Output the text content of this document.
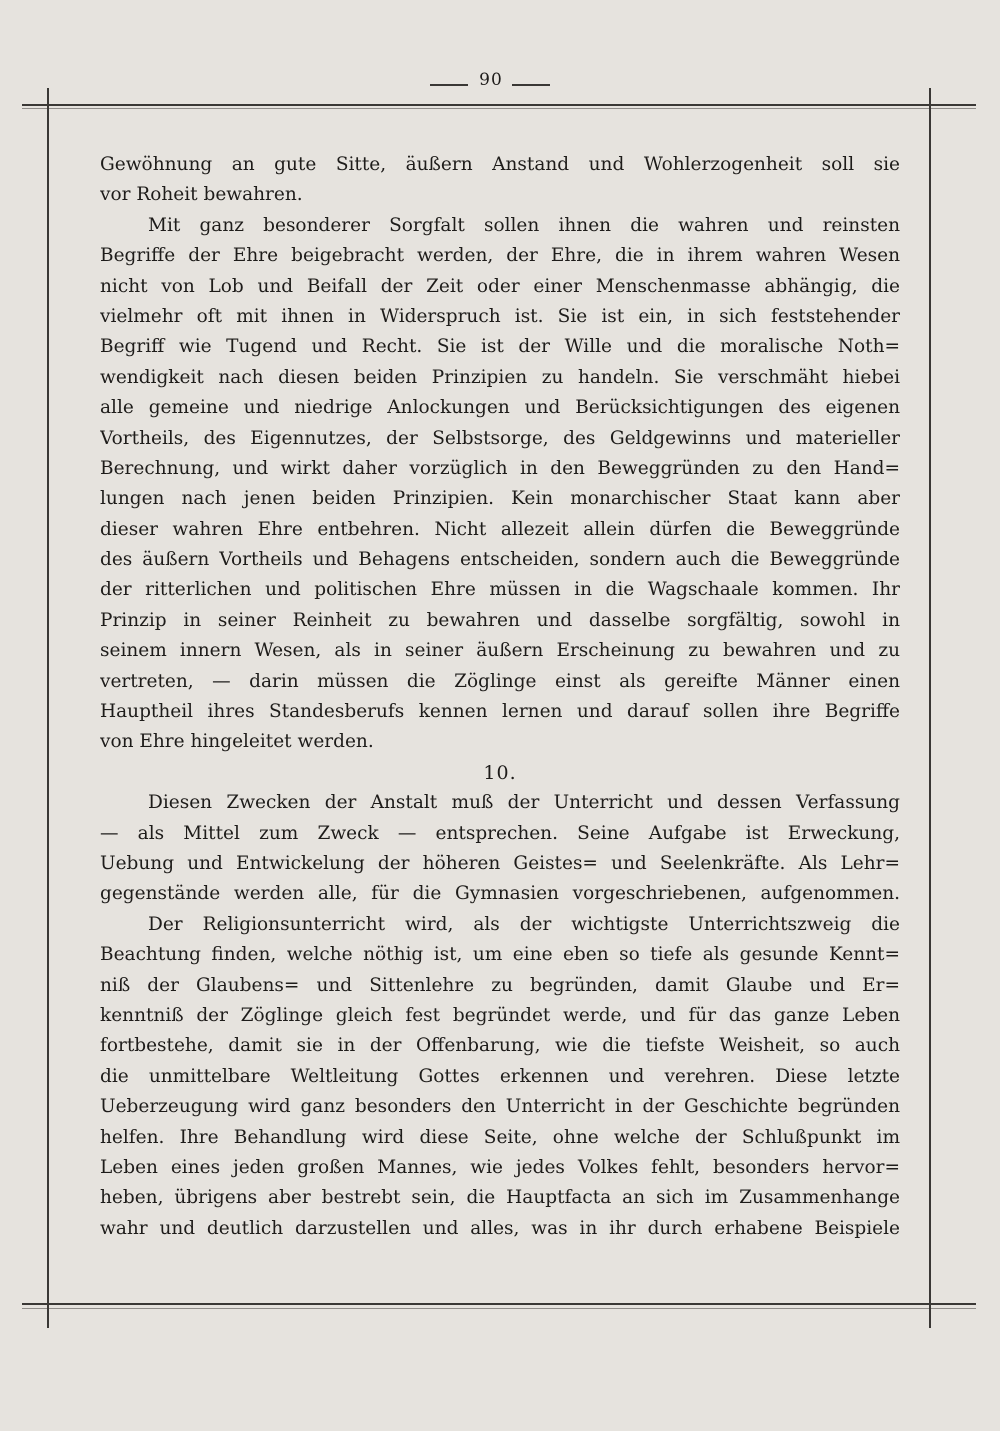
90
Gewöhnung an gute Sitte, äußern Anstand und Wohlerzogenheit soll sie
vor Roheit bewahren.
Mit ganz besonderer Sorgfalt sollen ihnen die wahren und reinsten
Begriffe der Ehre beigebracht werden, der Ehre, die in ihrem wahren Wesen
nicht von Lob und Beifall der Zeit oder einer Menschenmasse abhängig, die
vielmehr oft mit ihnen in Widerspruch ist. Sie ist ein, in sich feststehender
Begriff wie Tugend und Recht. Sie ist der Wille und die moralische Noth=
wendigkeit nach diesen beiden Prinzipien zu handeln. Sie verschmäht hiebei
alle gemeine und niedrige Anlockungen und Berücksichtigungen des eigenen
Vortheils, des Eigennutzes, der Selbstsorge, des Geldgewinns und materieller
Berechnung, und wirkt daher vorzüglich in den Beweggründen zu den Hand=
lungen nach jenen beiden Prinzipien. Kein monarchischer Staat kann aber
dieser wahren Ehre entbehren. Nicht allezeit allein dürfen die Beweggründe
des äußern Vortheils und Behagens entscheiden, sondern auch die Beweggründe
der ritterlichen und politischen Ehre müssen in die Wagschaale kommen. Ihr
Prinzip in seiner Reinheit zu bewahren und dasselbe sorgfältig, sowohl in
seinem innern Wesen, als in seiner äußern Erscheinung zu bewahren und zu
vertreten, — darin müssen die Zöglinge einst als gereifte Männer einen
Hauptheil ihres Standesberufs kennen lernen und darauf sollen ihre Begriffe
von Ehre hingeleitet werden.
10.
Diesen Zwecken der Anstalt muß der Unterricht und dessen Verfassung
— als Mittel zum Zweck — entsprechen. Seine Aufgabe ist Erweckung,
Uebung und Entwickelung der höheren Geistes= und Seelenkräfte. Als Lehr=
gegenstände werden alle, für die Gymnasien vorgeschriebenen, aufgenommen.
Der Religionsunterricht wird, als der wichtigste Unterrichtszweig die
Beachtung finden, welche nöthig ist, um eine eben so tiefe als gesunde Kennt=
niß der Glaubens= und Sittenlehre zu begründen, damit Glaube und Er=
kenntniß der Zöglinge gleich fest begründet werde, und für das ganze Leben
fortbestehe, damit sie in der Offenbarung, wie die tiefste Weisheit, so auch
die unmittelbare Weltleitung Gottes erkennen und verehren. Diese letzte
Ueberzeugung wird ganz besonders den Unterricht in der Geschichte begründen
helfen. Ihre Behandlung wird diese Seite, ohne welche der Schlußpunkt im
Leben eines jeden großen Mannes, wie jedes Volkes fehlt, besonders hervor=
heben, übrigens aber bestrebt sein, die Hauptfacta an sich im Zusammenhange
wahr und deutlich darzustellen und alles, was in ihr durch erhabene Beispiele
